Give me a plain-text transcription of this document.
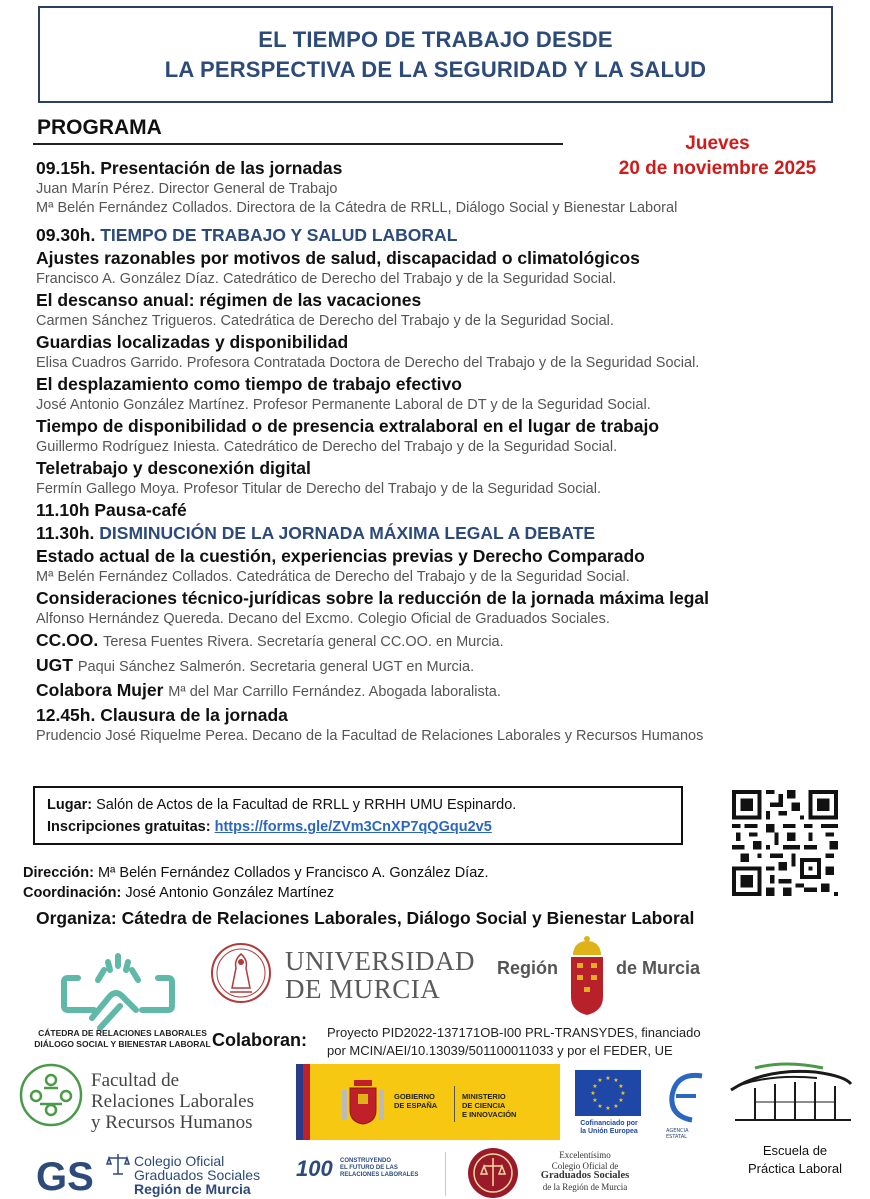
EL TIEMPO DE TRABAJO DESDE
LA PERSPECTIVA DE LA SEGURIDAD Y LA SALUD
PROGRAMA
Jueves
20 de noviembre 2025
09.15h. Presentación de las jornadas
Juan Marín Pérez. Director General de Trabajo
Mª Belén Fernández Collados. Directora de la Cátedra de RRLL, Diálogo Social y Bienestar Laboral
09.30h. TIEMPO DE TRABAJO Y SALUD LABORAL
Ajustes razonables por motivos de salud, discapacidad o climatológicos
Francisco A. González Díaz. Catedrático de Derecho del Trabajo y de la Seguridad Social.
El descanso anual: régimen de las vacaciones
Carmen Sánchez Trigueros. Catedrática de Derecho del Trabajo y de la Seguridad Social.
Guardias localizadas y disponibilidad
Elisa Cuadros Garrido. Profesora Contratada Doctora de Derecho del Trabajo y de la Seguridad Social.
El desplazamiento como tiempo de trabajo efectivo
José Antonio González Martínez. Profesor Permanente Laboral de DT y de la Seguridad Social.
Tiempo de disponibilidad o de presencia extralaboral en el lugar de trabajo
Guillermo Rodríguez Iniesta. Catedrático de Derecho del Trabajo y de la Seguridad Social.
Teletrabajo y desconexión digital
Fermín Gallego Moya. Profesor Titular de Derecho del Trabajo y de la Seguridad Social.
11.10h Pausa-café
11.30h. DISMINUCIÓN DE LA JORNADA MÁXIMA LEGAL A DEBATE
Estado actual de la cuestión, experiencias previas y Derecho Comparado
Mª Belén Fernández Collados. Catedrática de Derecho del Trabajo y de la Seguridad Social.
Consideraciones técnico-jurídicas sobre la reducción de la jornada máxima legal
Alfonso Hernández Quereda. Decano del Excmo. Colegio Oficial de Graduados Sociales.
CC.OO. Teresa Fuentes Rivera. Secretaría general CC.OO. en Murcia.
UGT Paqui Sánchez Salmerón. Secretaria general UGT en Murcia.
Colabora Mujer Mª del Mar Carrillo Fernández. Abogada laboralista.
12.45h. Clausura de la jornada
Prudencio José Riquelme Perea. Decano de la Facultad de Relaciones Laborales y Recursos Humanos
Lugar: Salón de Actos de la Facultad de RRLL y RRHH UMU Espinardo.
Inscripciones gratuitas: https://forms.gle/ZVm3CnXP7qQGqu2v5
Dirección: Mª Belén Fernández Collados y Francisco A. González Díaz.
Coordinación: José Antonio González Martínez
Organiza: Cátedra de Relaciones Laborales, Diálogo Social y Bienestar Laboral
CÁTEDRA DE RELACIONES LABORALES
DIÁLOGO SOCIAL Y BIENESTAR LABORAL
UNIVERSIDAD
DE MURCIA
Región	de Murcia
Colaboran: Proyecto PID2022-137171OB-I00 PRL-TRANSYDES, financiado
por MCIN/AEI/10.13039/501100011033 y por el FEDER, UE
Facultad de
Relaciones Laborales
y Recursos Humanos
GOBIERNO
DE ESPAÑA
MINISTERIO
DE CIENCIA
E INNOVACIÓN
★ ★
★
★
★
★
★
★
★
★
★
★
Cofinanciado por
la Unión Europea	AGENCIA
ESTATAL
Escuela de
Práctica Laboral
GS	Colegio Oficial
Graduados Sociales
Región de Murcia
100	CONSTRUYENDO
EL FUTURO DE LAS
RELACIONES LABORALES
Excelentísimo
Colegio Oficial de
Graduados Sociales
de la Región de Murcia
